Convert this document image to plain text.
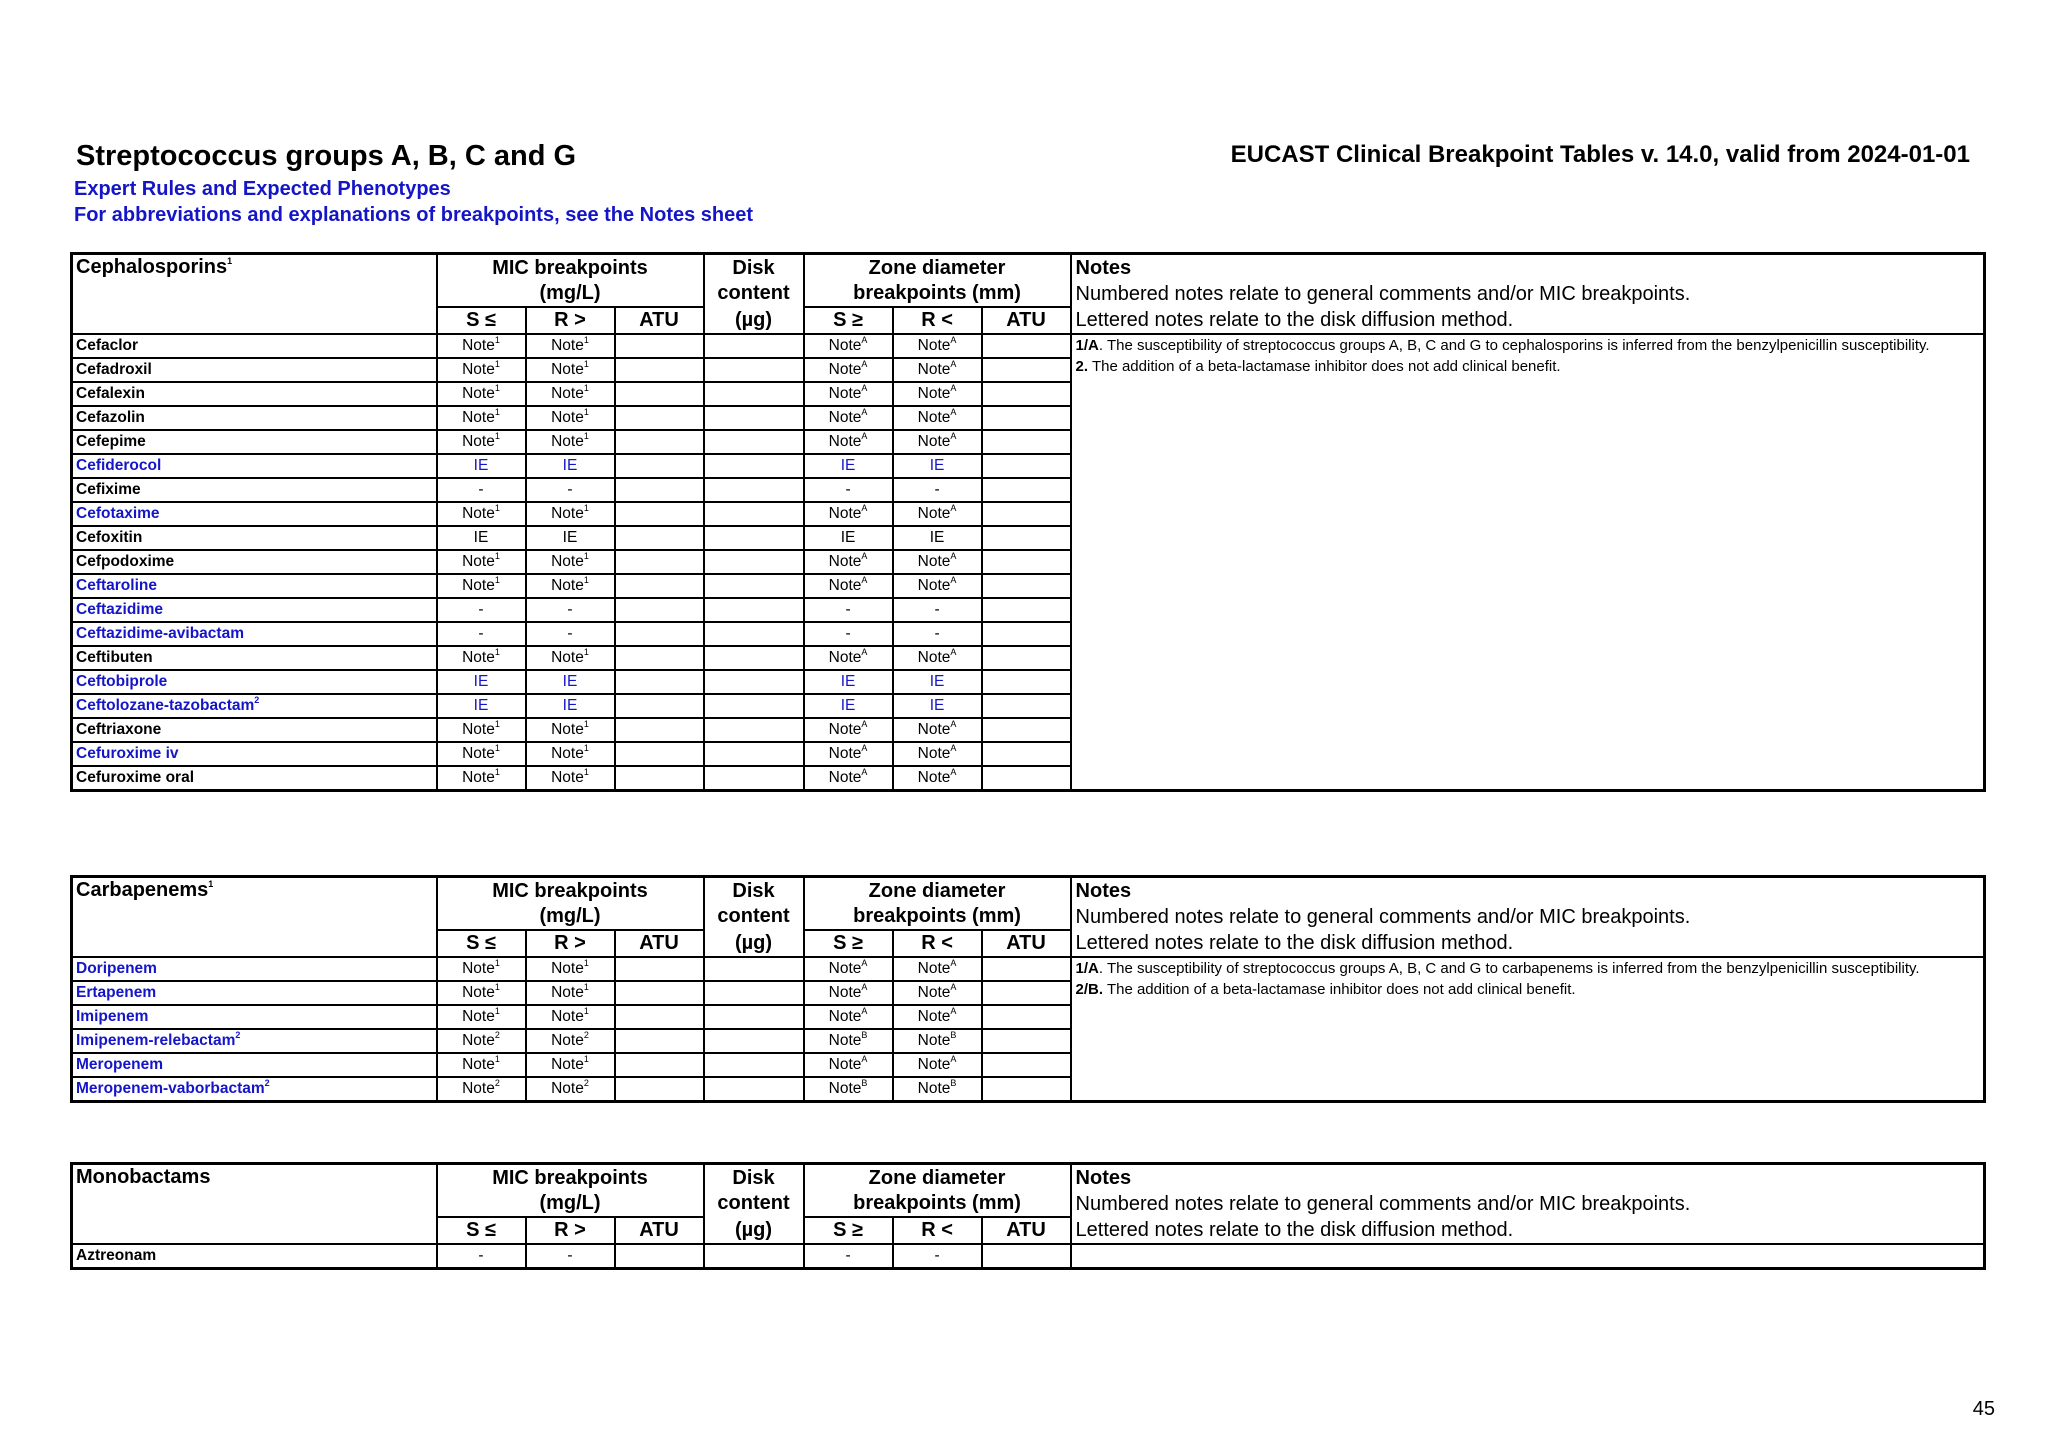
Streptococcus groups A, B, C and G
Expert Rules and Expected Phenotypes
For abbreviations and explanations of breakpoints, see the Notes sheet
EUCAST Clinical Breakpoint Tables v. 14.0, valid from 2024-01-01
Cephalosporins$^1$	MIC breakpoints			Disk	Zone diameter			Notes
Numbered notes relate to general comments and/or MIC breakpoints.
Lettered notes relate to the disk diffusion method.

	(mg/L)			content	breakpoints (mm)			
	S ≤	R >	ATU	(µg)	S ≥	R <	ATU	
Cefaclor	Note$^1$	Note$^1$			Note$^A$	Note$^A$		1/A. The susceptibility of streptococcus groups A, B, C and G to cephalosporins is inferred from the benzylpenicillin susceptibility.

2. The addition of a beta-lactamase inhibitor does not add clinical benefit.

Cefadroxil	Note$^1$	Note$^1$			Note$^A$	Note$^A$	
Cefalexin	Note$^1$	Note$^1$			Note$^A$	Note$^A$	
Cefazolin	Note$^1$	Note$^1$			Note$^A$	Note$^A$	
Cefepime	Note$^1$	Note$^1$			Note$^A$	Note$^A$	
Cefiderocol	IE	IE			IE	IE		
Cefixime	-	-			-	-		
Cefotaxime	Note$^1$	Note$^1$			Note$^A$	Note$^A$	
Cefoxitin	IE	IE			IE	IE		
Cefpodoxime	Note$^1$	Note$^1$			Note$^A$	Note$^A$	
Ceftaroline	Note$^1$	Note$^1$			Note$^A$	Note$^A$	
Ceftazidime	-	-			-	-		
Ceftazidime-avibactam	-	-			-	-		
Ceftibuten	Note$^1$	Note$^1$			Note$^A$	Note$^A$	
Ceftobiprole	IE	IE			IE	IE		
Ceftolozane-tazobactam$^2$	IE	IE			IE	IE		
Ceftriaxone	Note$^1$	Note$^1$			Note$^A$	Note$^A$	
Cefuroxime iv	Note$^1$	Note$^1$			Note$^A$	Note$^A$	
Cefuroxime oral	Note$^1$	Note$^1$			Note$^A$	Note$^A$	
Carbapenems$^1$	MIC breakpoints			Disk	Zone diameter			Notes
Numbered notes relate to general comments and/or MIC breakpoints.
Lettered notes relate to the disk diffusion method.

	(mg/L)			content	breakpoints (mm)			
	S ≤	R >	ATU	(µg)	S ≥	R <	ATU	
Doripenem	Note$^1$	Note$^1$			Note$^A$	Note$^A$		1/A. The susceptibility of streptococcus groups A, B, C and G to carbapenems is inferred from the benzylpenicillin susceptibility.

2/B. The addition of a beta-lactamase inhibitor does not add clinical benefit.

Ertapenem	Note$^1$	Note$^1$			Note$^A$	Note$^A$	
Imipenem	Note$^1$	Note$^1$			Note$^A$	Note$^A$	
Imipenem-relebactam$^2$	Note$^2$	Note$^2$			Note$^B$	Note$^B$	
Meropenem	Note$^1$	Note$^1$			Note$^A$	Note$^A$	
Meropenem-vaborbactam$^2$	Note$^2$	Note$^2$			Note$^B$	Note$^B$	
Monobactams	MIC breakpoints			Disk	Zone diameter			Notes
Numbered notes relate to general comments and/or MIC breakpoints.
Lettered notes relate to the disk diffusion method.

	(mg/L)			content	breakpoints (mm)			
	S ≤	R >	ATU	(µg)	S ≥	R <	ATU	
Aztreonam	-	-			-	-		
45
